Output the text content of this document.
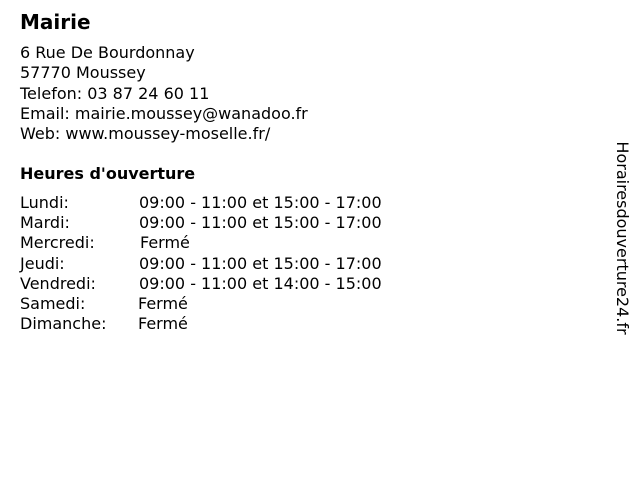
Mairie
6 Rue De Bourdonnay
57770 Moussey
Telefon: 03 87 24 60 11
Email: mairie.moussey@wanadoo.fr
Web: www.moussey-moselle.fr/
Heures d'ouverture
Lundi:	09:00 - 11:00 et 15:00 - 17:00
Mardi:	09:00 - 11:00 et 15:00 - 17:00
Mercredi:	Fermé
Jeudi:	09:00 - 11:00 et 15:00 - 17:00
Vendredi:	09:00 - 11:00 et 14:00 - 15:00
Samedi:	Fermé
Dimanche: Fermé	Horairesdouverture24.fr
